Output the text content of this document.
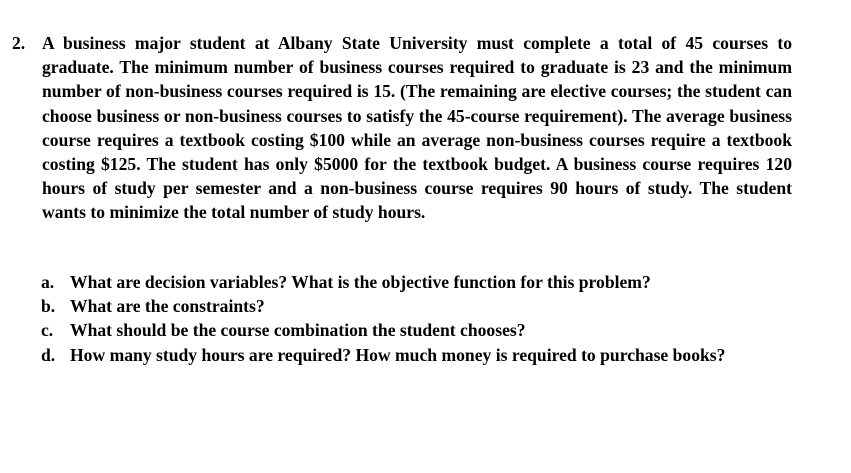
2. A business major student at Albany State University must complete a total of 45 courses to graduate. The minimum number of business courses required to graduate is 23 and the minimum number of non-business courses required is 15. (The remaining are elective courses; the student can choose business or non-business courses to satisfy the 45-course requirement). The average business course requires a textbook costing $100 while an average non-business courses require a textbook costing $125. The student has only $5000 for the textbook budget. A business course requires 120 hours of study per semester and a non-business course requires 90 hours of study. The student wants to minimize the total number of study hours.
a. What are decision variables? What is the objective function for this problem?
b. What are the constraints?
c. What should be the course combination the student chooses?
d. How many study hours are required? How much money is required to purchase books?
